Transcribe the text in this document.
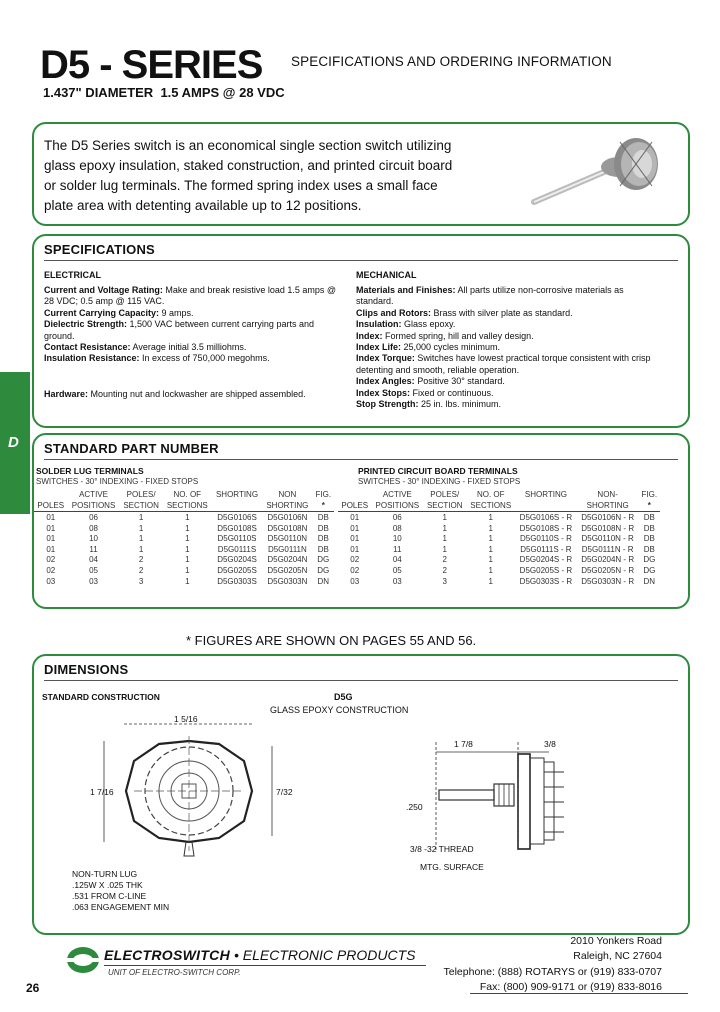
D5 - SERIES SPECIFICATIONS AND ORDERING INFORMATION
1.437" DIAMETER 1.5 AMPS @ 28 VDC
The D5 Series switch is an economical single section switch utilizing glass epoxy insulation, staked construction, and printed circuit board or solder lug terminals. The formed spring index uses a small face plate area with detenting available up to 12 positions.
D
SPECIFICATIONS
ELECTRICAL
Current and Voltage Rating: Make and break resistive load 1.5 amps @ 28 VDC; 0.5 amp @ 115 VAC.
Current Carrying Capacity: 9 amps.
Dielectric Strength: 1,500 VAC between current carrying parts and ground.
Contact Resistance: Average initial 3.5 milliohms.
Insulation Resistance: In excess of 750,000 megohms.
Hardware: Mounting nut and lockwasher are shipped assembled.
MECHANICAL
Materials and Finishes: All parts utilize non-corrosive materials as standard.
Clips and Rotors: Brass with silver plate as standard.
Insulation: Glass epoxy.
Index: Formed spring, hill and valley design.
Index Life: 25,000 cycles minimum.
Index Torque: Switches have lowest practical torque consistent with crisp detenting and smooth, reliable operation.
Index Angles: Positive 30° standard.
Index Stops: Fixed or continuous.
Stop Strength: 25 in. lbs. minimum.
STANDARD PART NUMBER
SOLDER LUG TERMINALS
SWITCHES - 30° INDEXING - FIXED STOPS
	ACTIVE	POLES/	NO. OF	SHORTING	NON	FIG.
POLES	POSITIONS	SECTION	SECTIONS		SHORTING	*
01	06	1	1	D5G0106S	D5G0106N	DB
01	08	1	1	D5G0108S	D5G0108N	DB
01	10	1	1	D5G0110S	D5G0110N	DB
01	11	1	1	D5G0111S	D5G0111N	DB
02	04	2	1	D5G0204S	D5G0204N	DG
02	05	2	1	D5G0205S	D5G0205N	DG
03	03	3	1	D5G0303S	D5G0303N	DN
PRINTED CIRCUIT BOARD TERMINALS
SWITCHES - 30° INDEXING - FIXED STOPS
	ACTIVE	POLES/	NO. OF	SHORTING	NON-	FIG.
POLES	POSITIONS	SECTION	SECTIONS		SHORTING	*
01	06	1	1	D5G0106S - R	D5G0106N - R	DB
01	08	1	1	D5G0108S - R	D5G0108N - R	DB
01	10	1	1	D5G0110S - R	D5G0110N - R	DB
01	11	1	1	D5G0111S - R	D5G0111N - R	DB
02	04	2	1	D5G0204S - R	D5G0204N - R	DG
02	05	2	1	D5G0205S - R	D5G0205N - R	DG
03	03	3	1	D5G0303S - R	D5G0303N - R	DN
* FIGURES ARE SHOWN ON PAGES 55 AND 56.
DIMENSIONS
STANDARD CONSTRUCTION	D5G
GLASS EPOXY CONSTRUCTION
1 5/16
1 7/16	7/32
NON-TURN LUG
.125W X .025 THK
.531 FROM C-LINE
.063 ENGAGEMENT MIN
1 7/8	3/8
.250
3/8 -32 THREAD
MTG. SURFACE
ELECTROSWITCH • ELECTRONIC PRODUCTS
UNIT OF ELECTRO-SWITCH CORP.
2010 Yonkers Road
Raleigh, NC 27604
Telephone: (888) ROTARYS or (919) 833-0707
Fax: (800) 909-9171 or (919) 833-8016
26
